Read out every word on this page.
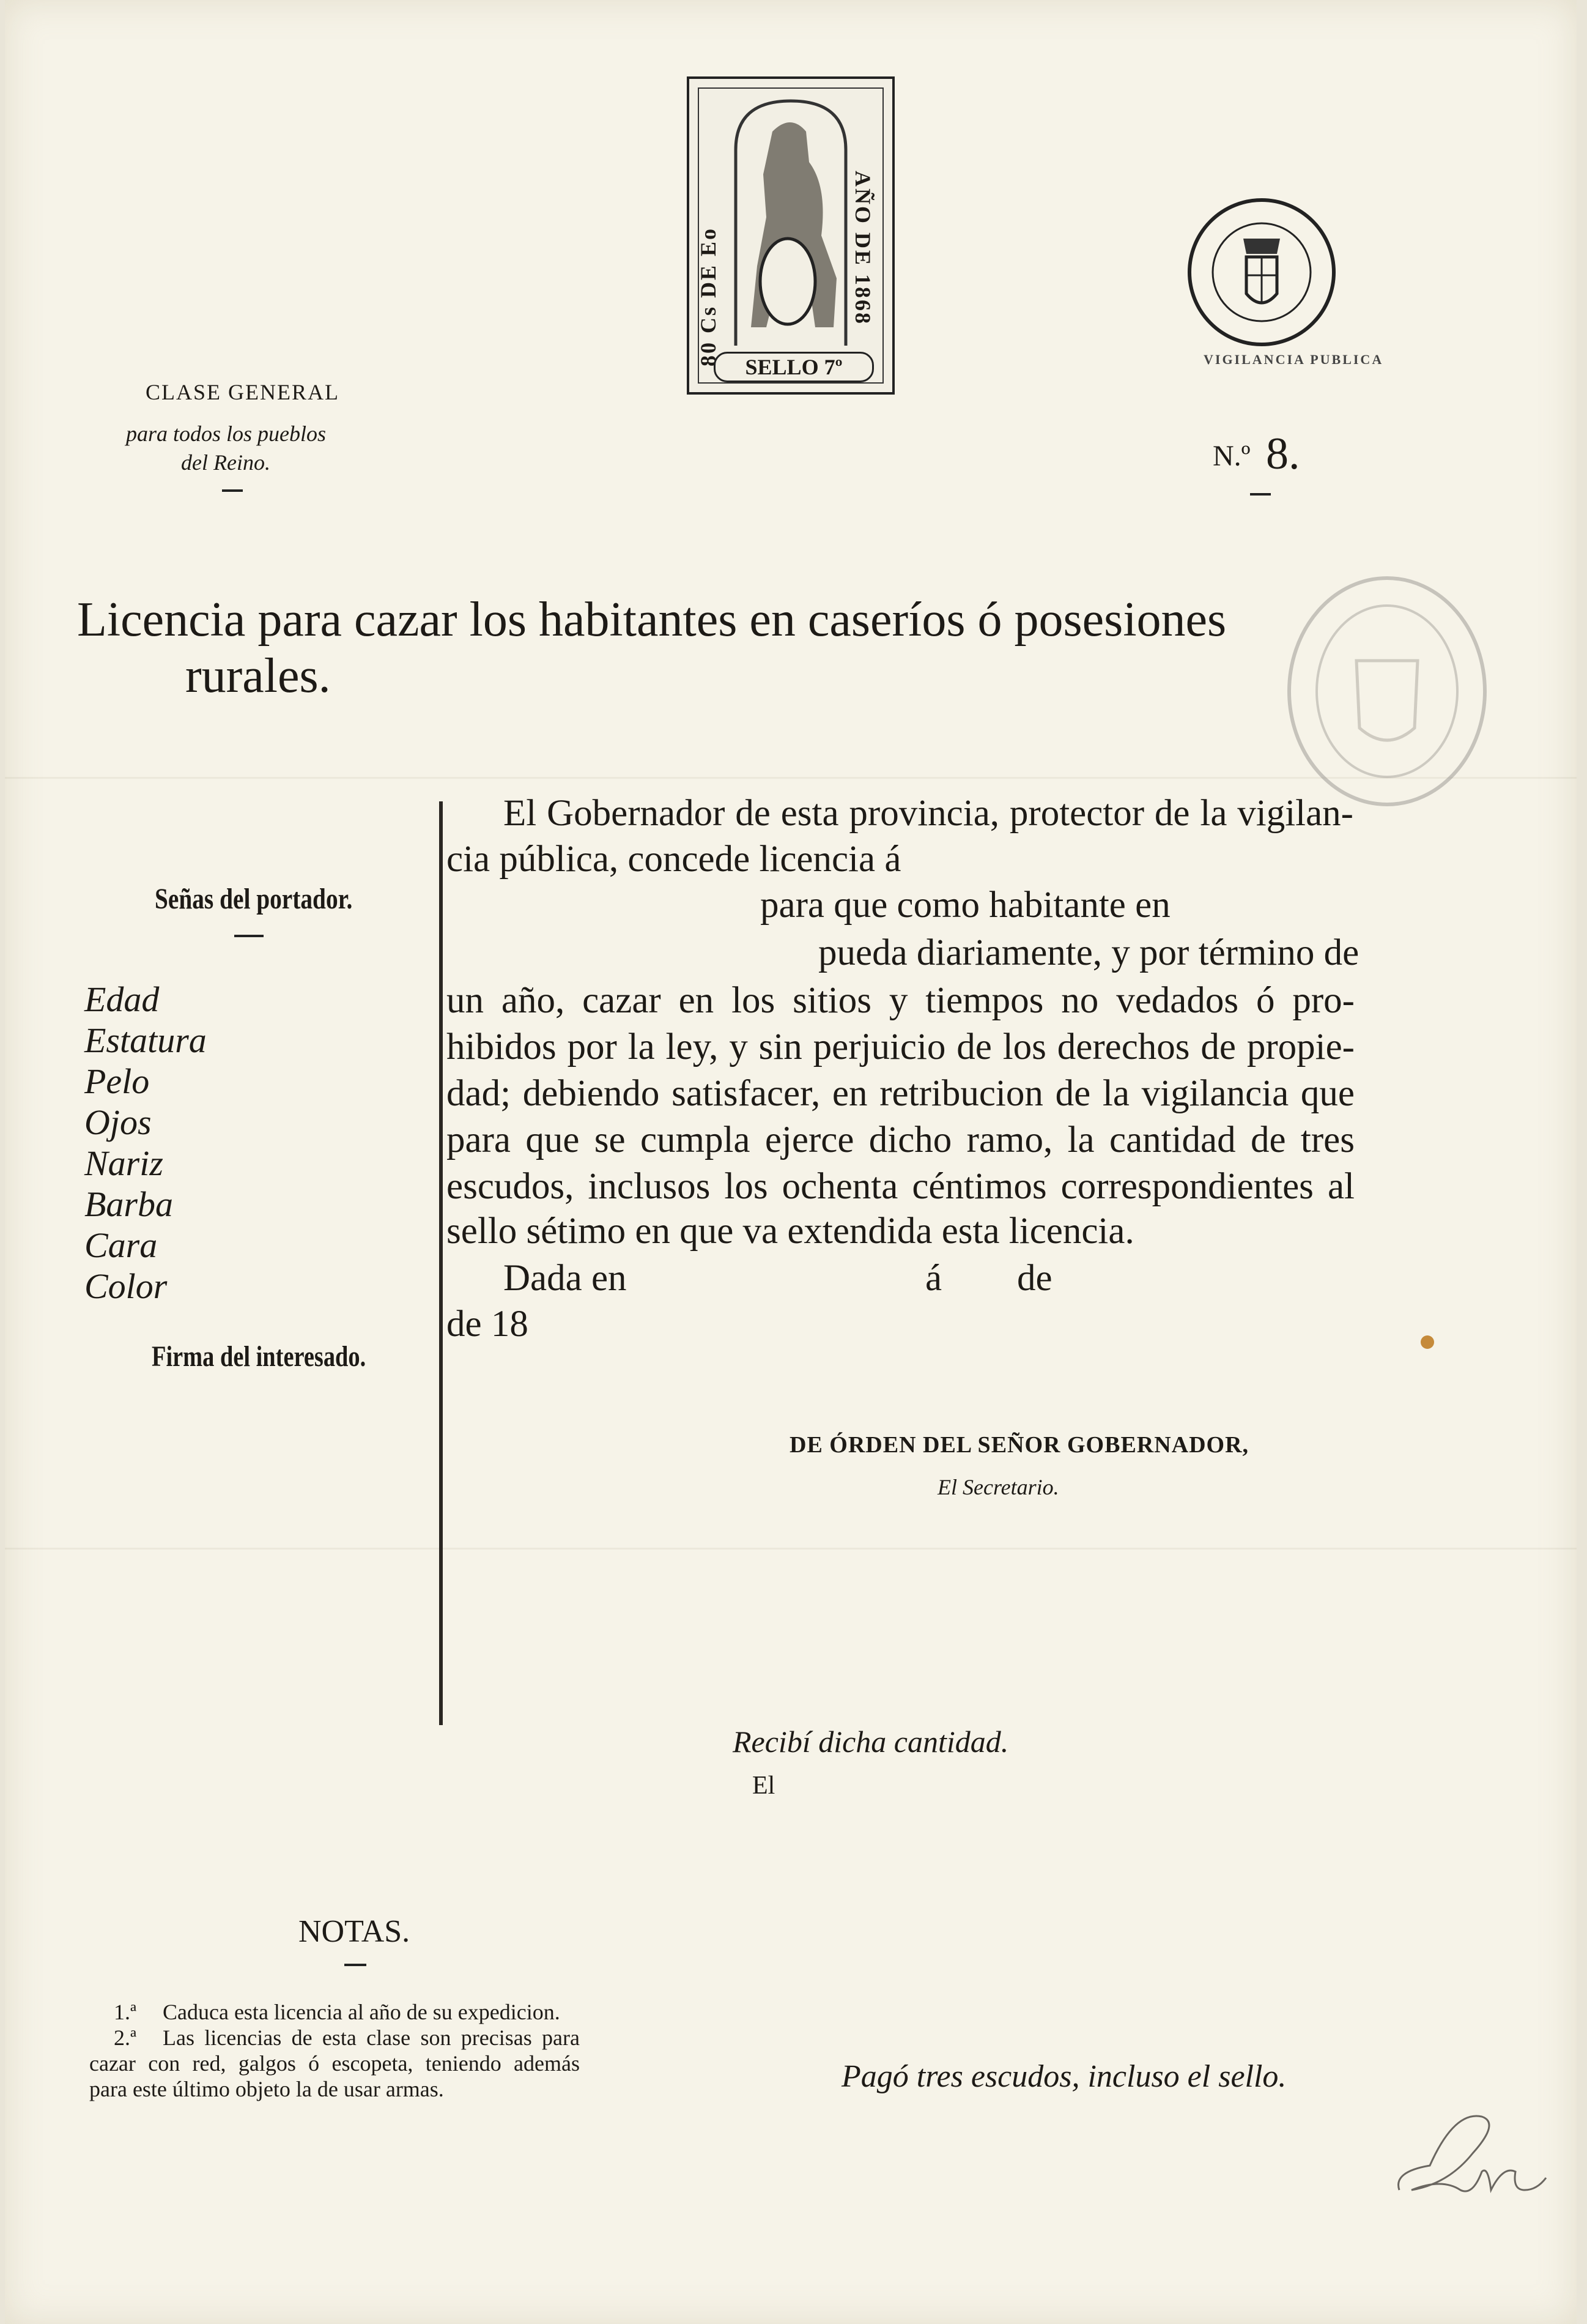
80 Cs DE Eo	AÑO DE 1868
SELLO 7º	VIGILANCIA PUBLICA
CLASE GENERAL
para todos los pueblos
del Reino.	N.º 8.
Licencia para cazar los habitantes en caseríos ó posesiones
rurales.
Señas del portador.
Edad
Estatura
Pelo
Ojos
Nariz
Barba
Cara
Color
Firma del interesado.
El Gobernador de esta provincia, protector de la vigilan-
cia pública, concede licencia á
para que como habitante en
pueda diariamente, y por término de
un año, cazar en los sitios y tiempos no vedados ó pro-
hibidos por la ley, y sin perjuicio de los derechos de propie-
dad; debiendo satisfacer, en retribucion de la vigilancia que
para que se cumpla ejerce dicho ramo, la cantidad de tres
escudos, inclusos los ochenta céntimos correspondientes al
sello sétimo en que va extendida esta licencia.
Dada en	á de
de 18
DE ÓRDEN DEL SEÑOR GOBERNADOR,
El Secretario.
Recibí dicha cantidad.
El
NOTAS.
1.ª Caduca esta licencia al año de su expedicion.
2.ª Las licencias de esta clase son precisas para
cazar con red, galgos ó escopeta, teniendo además
para este último objeto la de usar armas.	Pagó tres escudos, incluso el sello.
